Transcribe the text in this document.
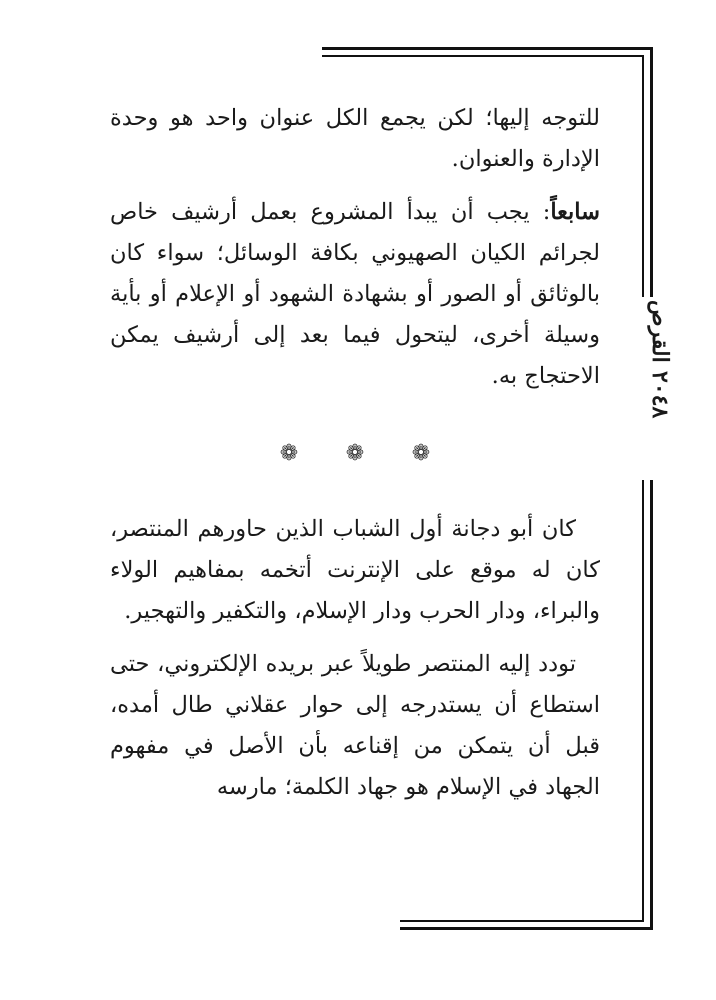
القرص
٢٠٤٨

للتوجه إليها؛ لكن يجمع الكل عنوان واحد هو وحدة الإدارة والعنوان.

سابعاً: يجب أن يبدأ المشروع بعمل أرشيف خاص لجرائم الكيان الصهيوني بكافة الوسائل؛ سواء كان بالوثائق أو الصور أو بشهادة الشهود أو الإعلام أو بأية وسيلة أخرى، ليتحول فيما بعد إلى أرشيف يمكن الاحتجاج به.

❁ ❁ ❁

كان أبو دجانة أول الشباب الذين حاورهم المنتصر، كان له موقع على الإنترنت أتخمه بمفاهيم الولاء والبراء، ودار الحرب ودار الإسلام، والتكفير والتهجير.

تودد إليه المنتصر طويلاً عبر بريده الإلكتروني، حتى استطاع أن يستدرجه إلى حوار عقلاني طال أمده، قبل أن يتمكن من إقناعه بأن الأصل في مفهوم الجهاد في الإسلام هو جهاد الكلمة؛ مارسه
